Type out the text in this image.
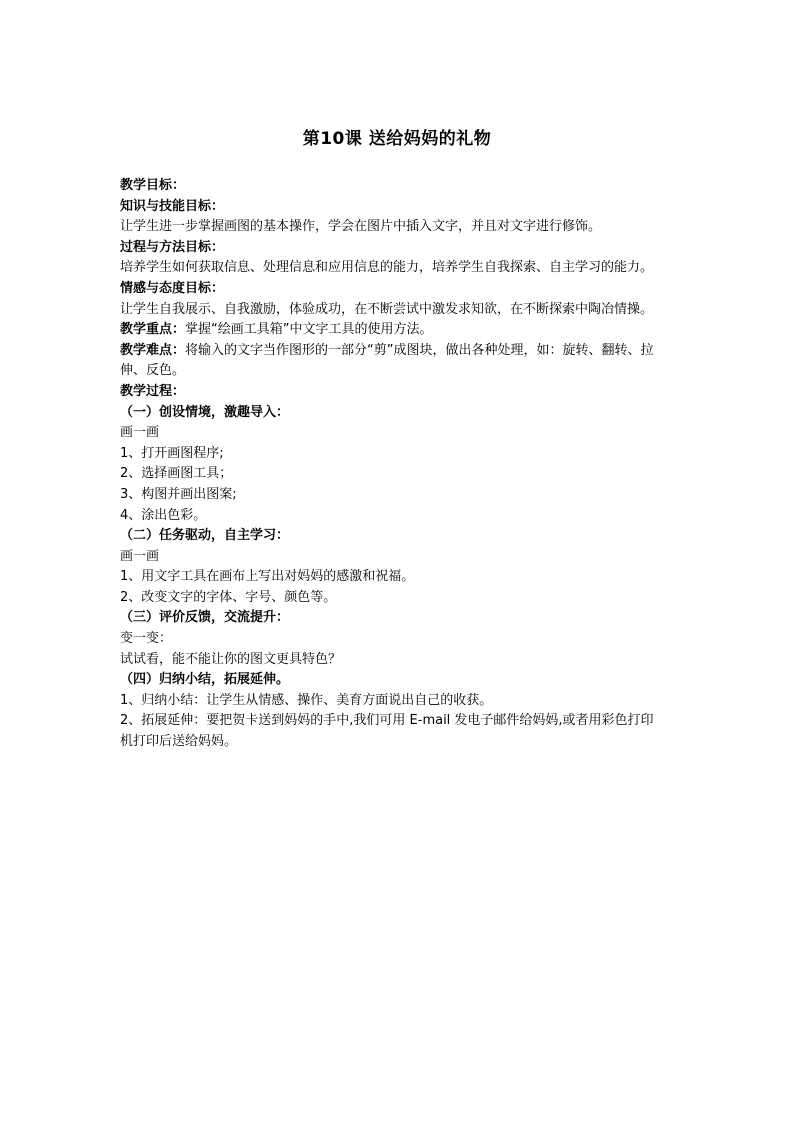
第10课 送给妈妈的礼物
教学目标：
知识与技能目标：
让学生进一步掌握画图的基本操作，学会在图片中插入文字，并且对文字进行修饰。
过程与方法目标：
培养学生如何获取信息、处理信息和应用信息的能力，培养学生自我探索、自主学习的能力。
情感与态度目标：
让学生自我展示、自我激励，体验成功，在不断尝试中激发求知欲，在不断探索中陶冶情操。
教学重点：掌握“绘画工具箱”中文字工具的使用方法。
教学难点：将输入的文字当作图形的一部分“剪”成图块，做出各种处理，如：旋转、翻转、拉伸、反色。
教学过程：
（一）创设情境，激趣导入：
画一画
1、打开画图程序;
2、选择画图工具；
3、构图并画出图案;
4、涂出色彩。
（二）任务驱动，自主学习：
画一画
1、用文字工具在画布上写出对妈妈的感激和祝福。
2、改变文字的字体、字号、颜色等。
（三）评价反馈，交流提升：
变一变：
试试看，能不能让你的图文更具特色？
（四）归纳小结，拓展延伸。
1、归纳小结：让学生从情感、操作、美育方面说出自己的收获。
2、拓展延伸：要把贺卡送到妈妈的手中,我们可用 E-mail 发电子邮件给妈妈,或者用彩色打印机打印后送给妈妈。
